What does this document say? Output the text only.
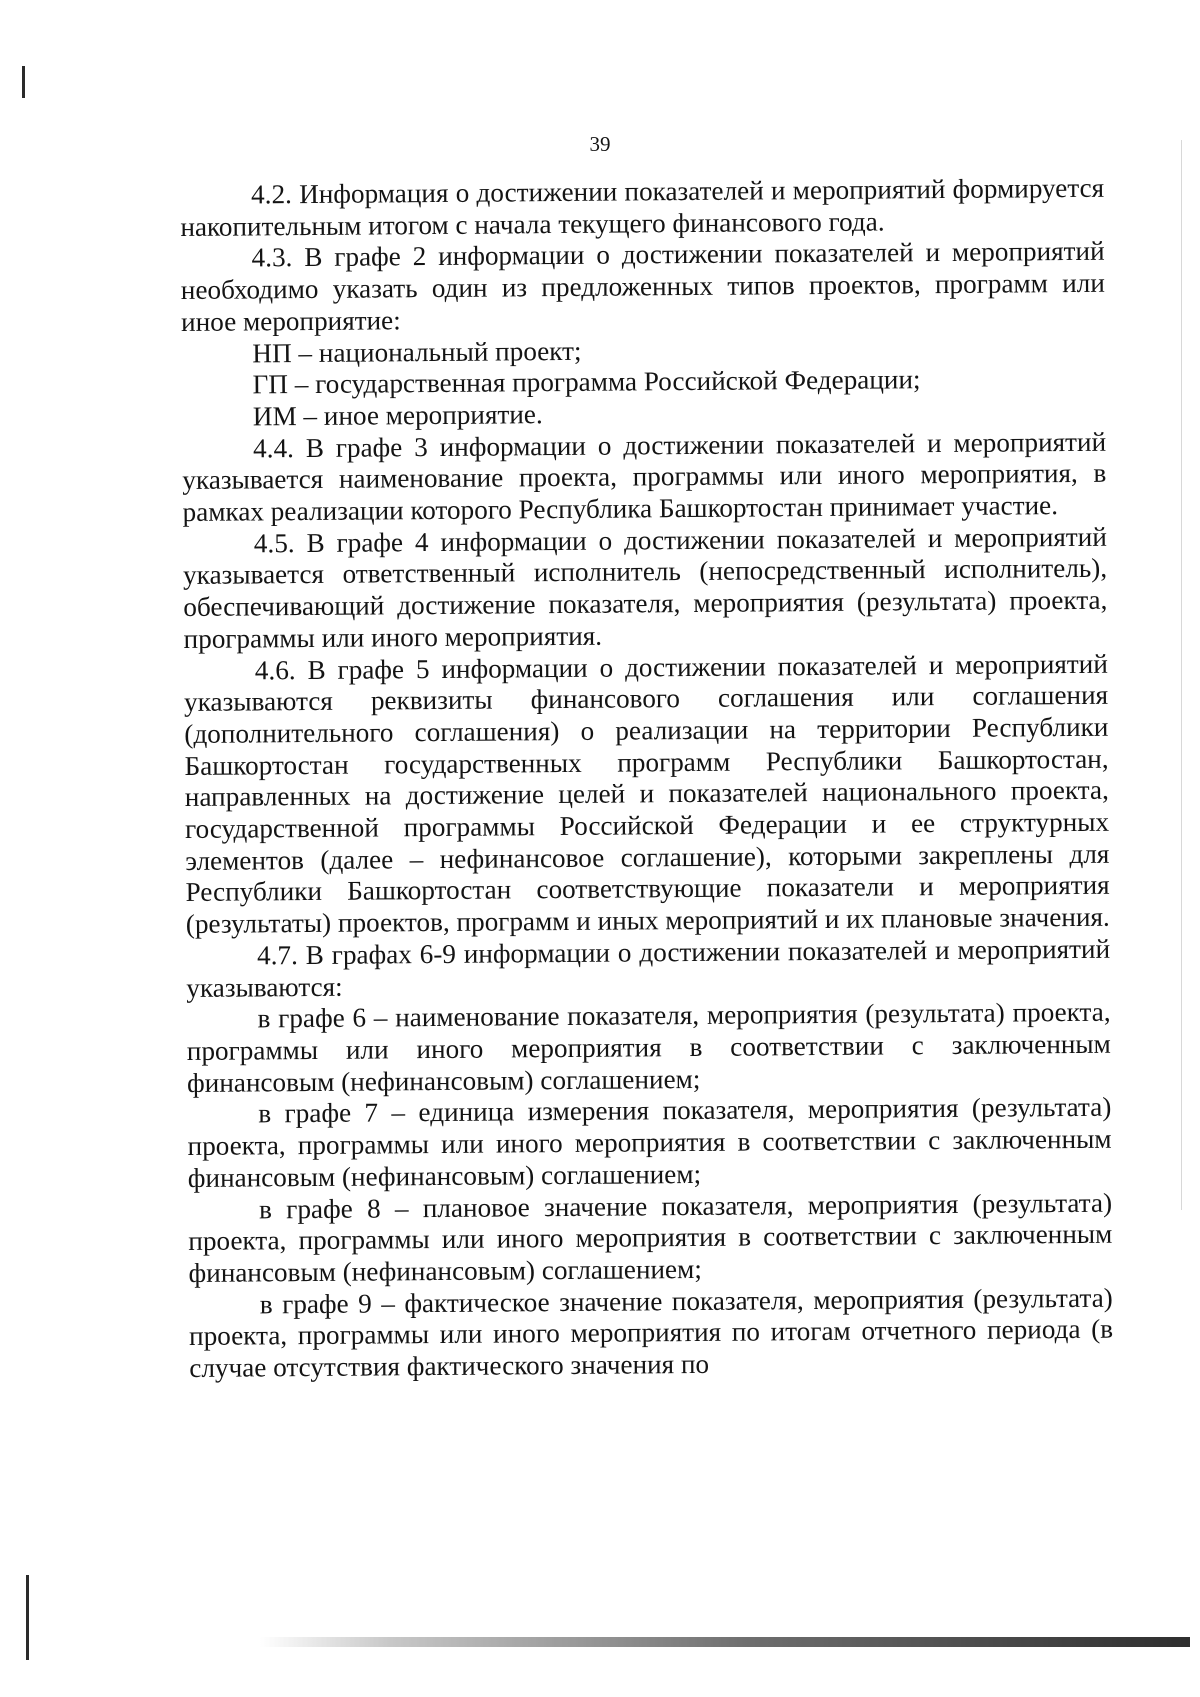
39

4.2. Информация о достижении показателей и мероприятий формируется накопительным итогом с начала текущего финансового года.

4.3. В графе 2 информации о достижении показателей и мероприятий необходимо указать один из предложенных типов проектов, программ или иное мероприятие:

НП – национальный проект;

ГП – государственная программа Российской Федерации;

ИМ – иное мероприятие.

4.4. В графе 3 информации о достижении показателей и мероприятий указывается наименование проекта, программы или иного мероприятия, в рамках реализации которого Республика Башкортостан принимает участие.

4.5. В графе 4 информации о достижении показателей и мероприятий указывается ответственный исполнитель (непосредственный исполнитель), обеспечивающий достижение показателя, мероприятия (результата) проекта, программы или иного мероприятия.

4.6. В графе 5 информации о достижении показателей и мероприятий указываются реквизиты финансового соглашения или соглашения (дополнительного соглашения) о реализации на территории Республики Башкортостан государственных программ Республики Башкортостан, направленных на достижение целей и показателей национального проекта, государственной программы Российской Федерации и ее структурных элементов (далее – нефинансовое соглашение), которыми закреплены для Республики Башкортостан соответствующие показатели и мероприятия (результаты) проектов, программ и иных мероприятий и их плановые значения.

4.7. В графах 6-9 информации о достижении показателей и мероприятий указываются:

в графе 6 – наименование показателя, мероприятия (результата) проекта, программы или иного мероприятия в соответствии с заключенным финансовым (нефинансовым) соглашением;

в графе 7 – единица измерения показателя, мероприятия (результата) проекта, программы или иного мероприятия в соответствии с заключенным финансовым (нефинансовым) соглашением;

в графе 8 – плановое значение показателя, мероприятия (результата) проекта, программы или иного мероприятия в соответствии с заключенным финансовым (нефинансовым) соглашением;

в графе 9 – фактическое значение показателя, мероприятия (результата) проекта, программы или иного мероприятия по итогам отчетного периода (в случае отсутствия фактического значения по
